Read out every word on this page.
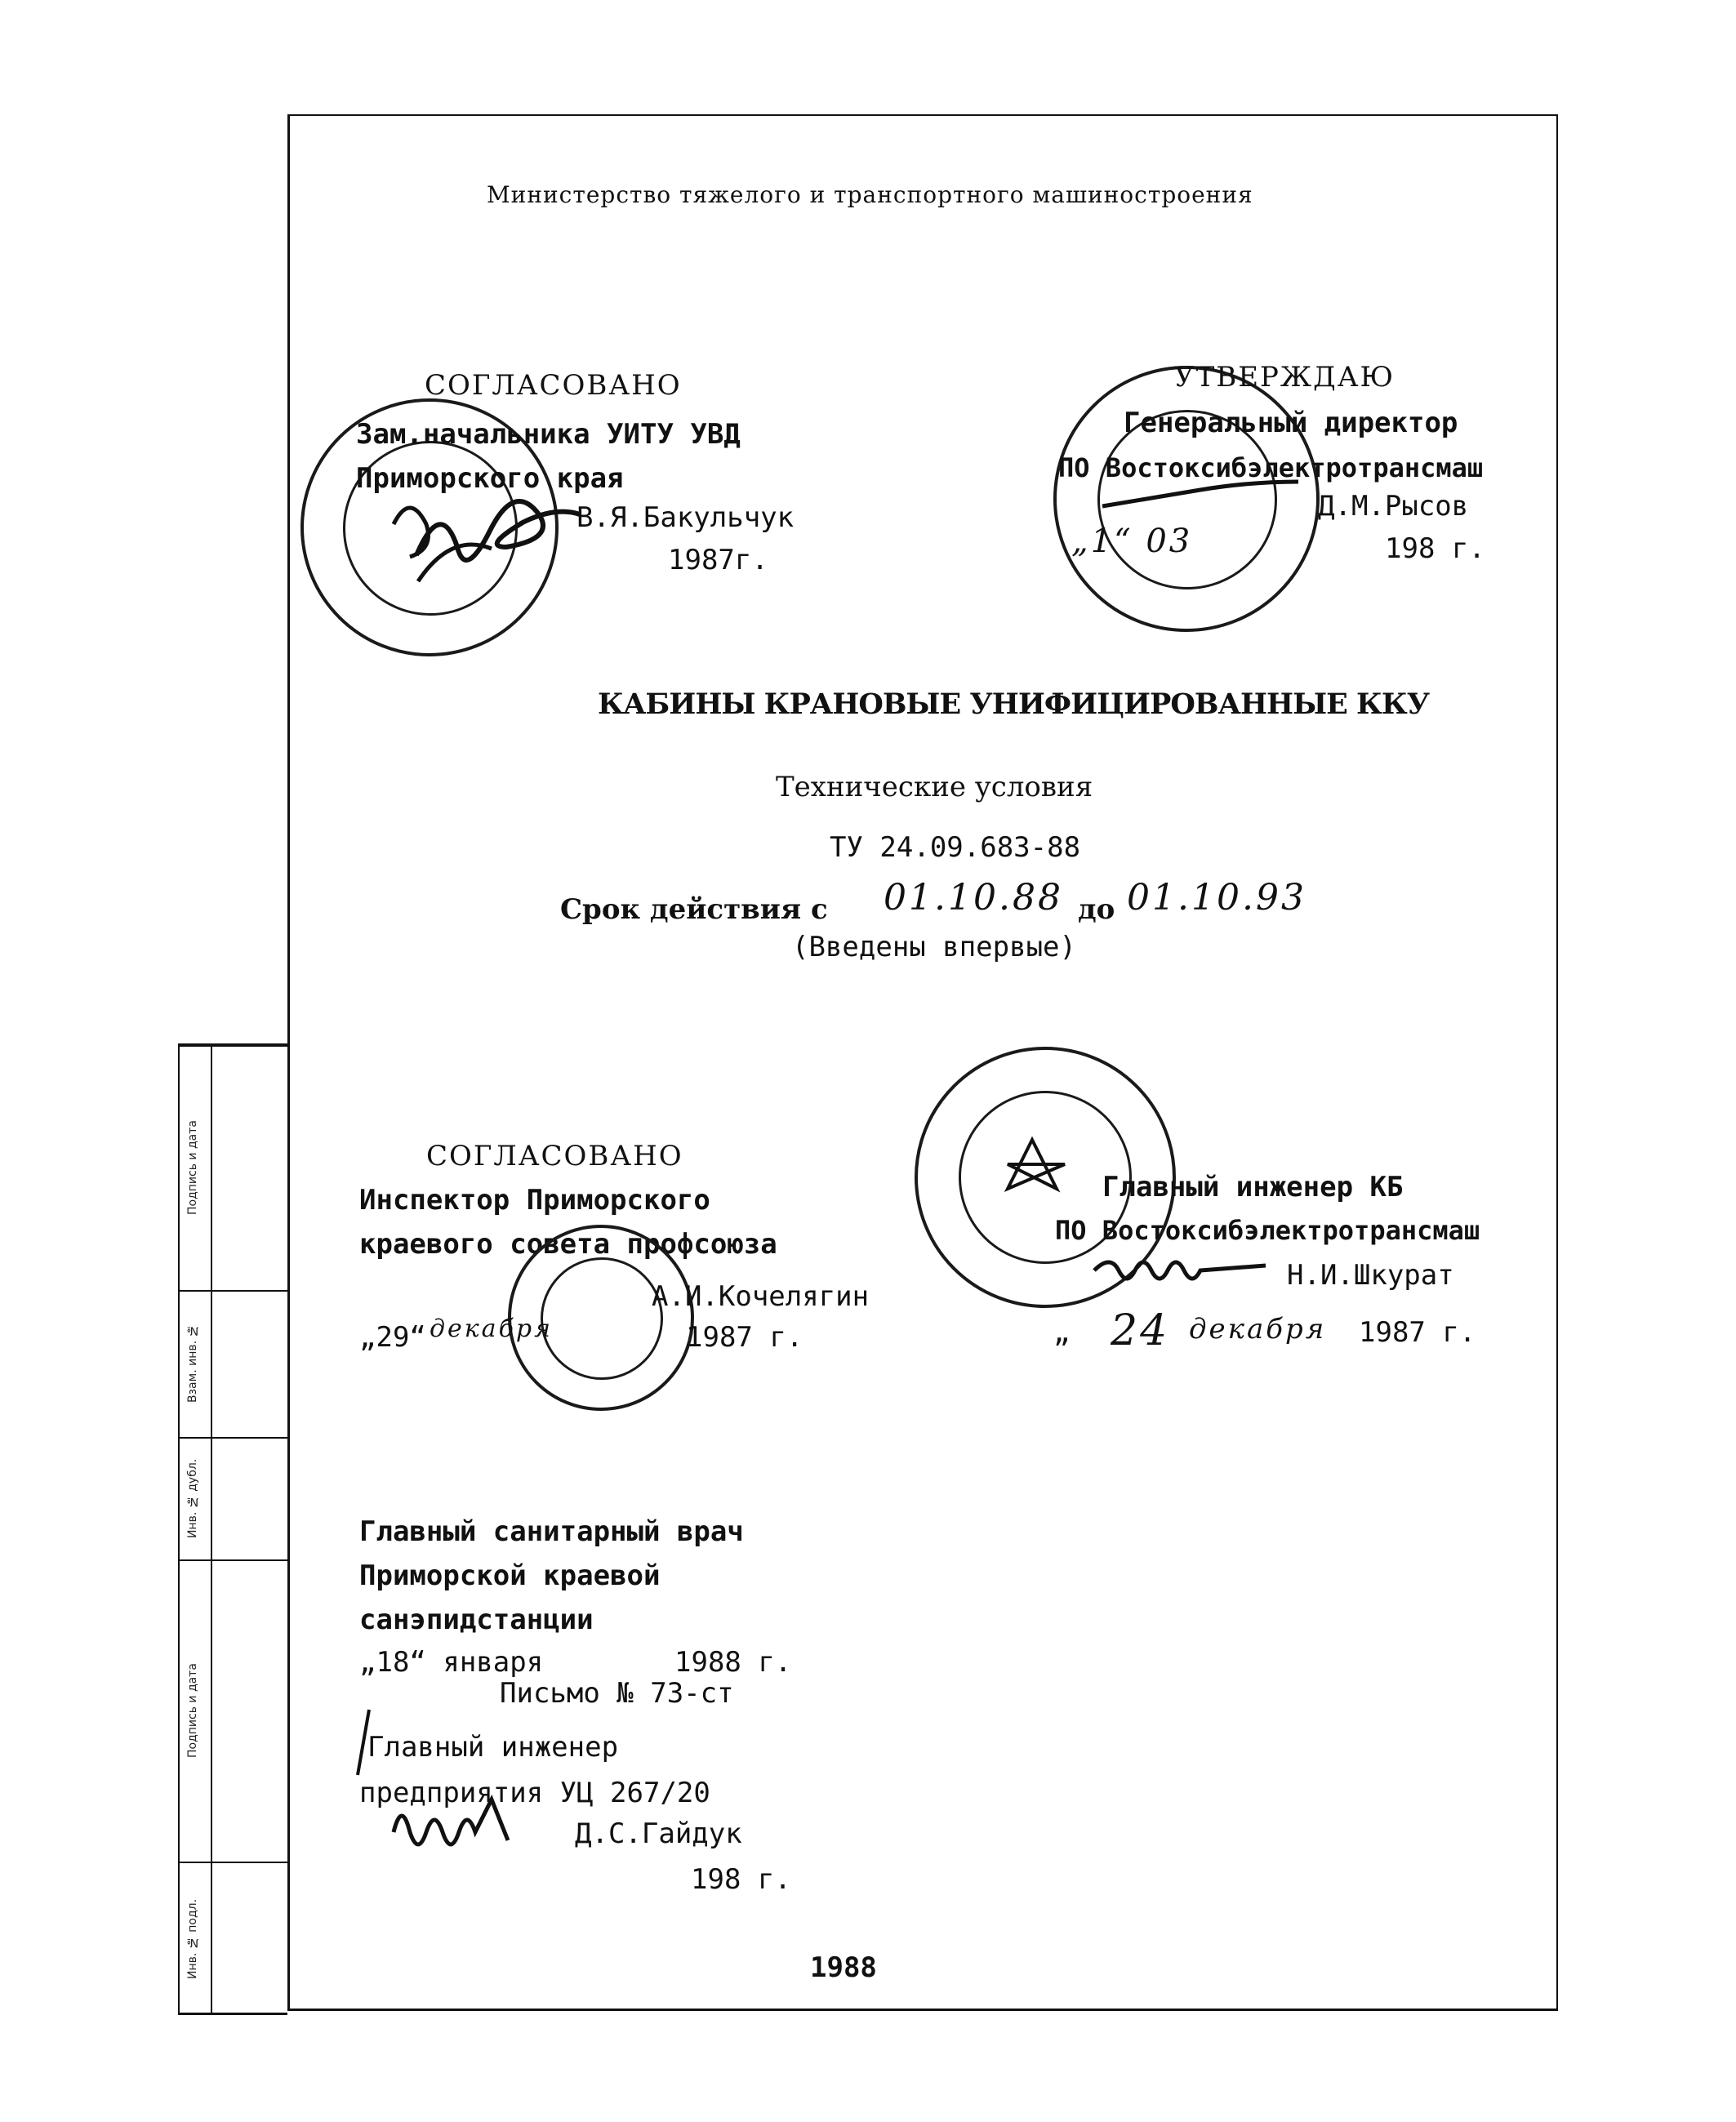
Подпись и дата
Взам. инв. №
Инв. № дубл.
Подпись и дата
Инв. № подл.
Министерство тяжелого и транспортного машиностроения
СОГЛАСОВАНО
Зам.начальника УИТУ УВД
Приморского края
В.Я.Бакульчук
1987г.
УТВЕРЖДАЮ
Генеральный директор
ПО Востоксибэлектротрансмаш
Д.М.Рысов
„1“ 03	198 г.
КАБИНЫ КРАНОВЫЕ УНИФИЦИРОВАННЫЕ ККУ
Технические условия
ТУ 24.09.683-88
Срок действия с 01.10.88 до 01.10.93
(Введены впервые)
СОГЛАСОВАНО
Инспектор Приморского
краевого совета профсоюза
А.И.Кочелягин
„29“ декабря	1987 г.
Главный инженер КБ
ПО Востоксибэлектротрансмаш
Н.И.Шкурат
„ 24 декабря 1987 г.
Главный санитарный врач
Приморской краевой
санэпидстанции
„18“ января	1988 г.
Письмо № 73-ст
Главный инженер
предприятия УЦ 267/20
Д.С.Гайдук
198 г.
1988
